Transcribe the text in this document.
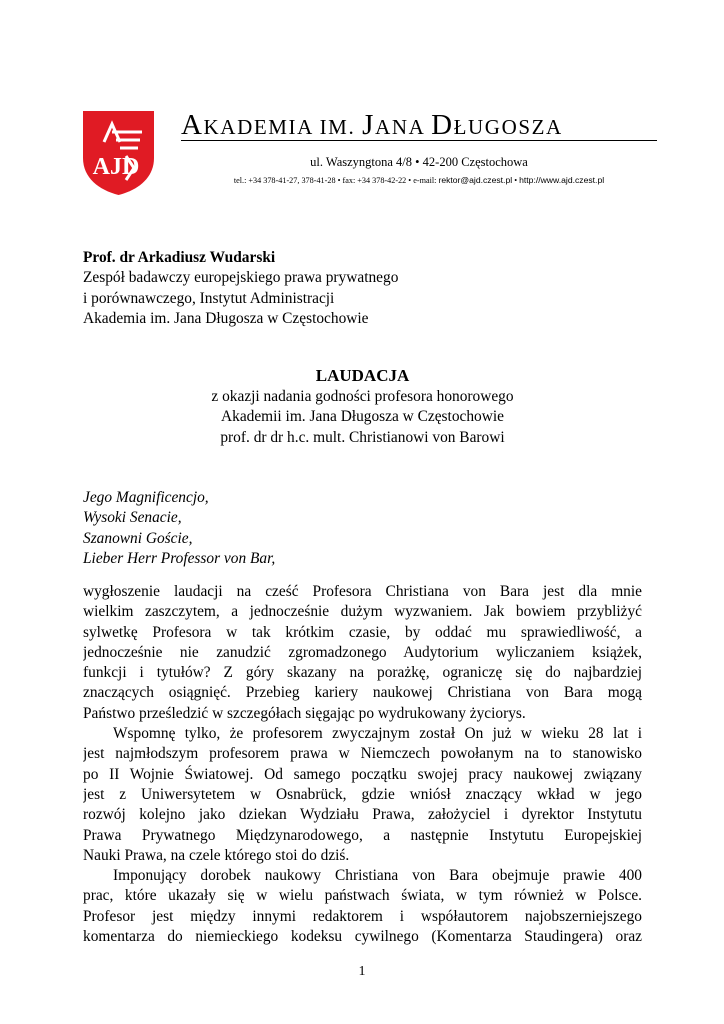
AJD
AKADEMIA IM. JANA DŁUGOSZA
ul. Waszyngtona 4/8 • 42-200 Częstochowa
tel.: +34 378-41-27, 378-41-28 • fax: +34 378-42-22 • e-mail: rektor@ajd.czest.pl • http://www.ajd.czest.pl
Prof. dr Arkadiusz Wudarski
Zespół badawczy europejskiego prawa prywatnego
i porównawczego, Instytut Administracji
Akademia im. Jana Długosza w Częstochowie
LAUDACJA
z okazji nadania godności profesora honorowego
Akademii im. Jana Długosza w Częstochowie
prof. dr dr h.c. mult. Christianowi von Barowi
Jego Magnificencjo,
Wysoki Senacie,
Szanowni Goście,
Lieber Herr Professor von Bar,
wygłoszenie laudacji na cześć Profesora Christiana von Bara jest dla mnie
wielkim zaszczytem, a jednocześnie dużym wyzwaniem. Jak bowiem przybliżyć
sylwetkę Profesora w tak krótkim czasie, by oddać mu sprawiedliwość, a
jednocześnie nie zanudzić zgromadzonego Audytorium wyliczaniem książek,
funkcji i tytułów? Z góry skazany na porażkę, ograniczę się do najbardziej
znaczących osiągnięć. Przebieg kariery naukowej Christiana von Bara mogą
Państwo prześledzić w szczegółach sięgając po wydrukowany życiorys.
Wspomnę tylko, że profesorem zwyczajnym został On już w wieku 28 lat i
jest najmłodszym profesorem prawa w Niemczech powołanym na to stanowisko
po II Wojnie Światowej. Od samego początku swojej pracy naukowej związany
jest z Uniwersytetem w Osnabrück, gdzie wniósł znaczący wkład w jego
rozwój kolejno jako dziekan Wydziału Prawa, założyciel i dyrektor Instytutu
Prawa Prywatnego Międzynarodowego, a następnie Instytutu Europejskiej
Nauki Prawa, na czele którego stoi do dziś.
Imponujący dorobek naukowy Christiana von Bara obejmuje prawie 400
prac, które ukazały się w wielu państwach świata, w tym również w Polsce.
Profesor jest między innymi redaktorem i współautorem najobszerniejszego
komentarza do niemieckiego kodeksu cywilnego (Komentarza Staudingera) oraz
1
